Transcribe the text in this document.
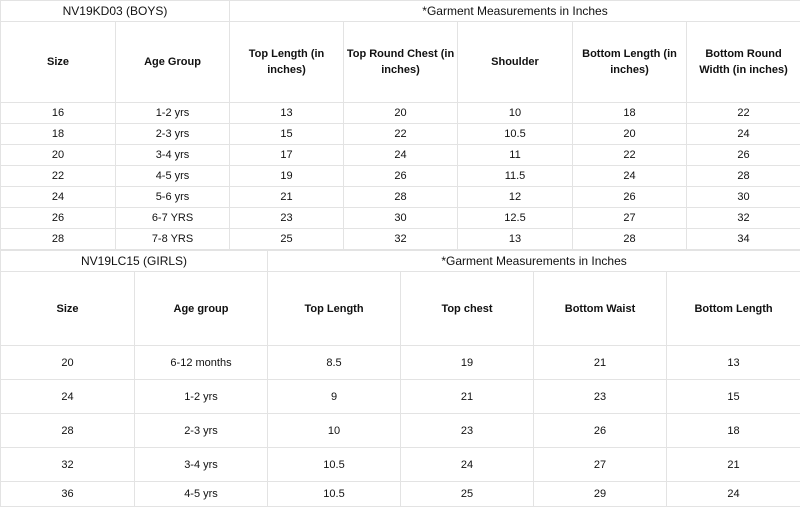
NV19KD03 (BOYS)		*Garment Measurements in Inches				
Size	Age Group	Top Length (in inches)	Top Round Chest (in inches)	Shoulder	Bottom Length (in inches)	Bottom Round Width (in inches)
16	1-2 yrs	13	20	10	18	22
18	2-3 yrs	15	22	10.5	20	24
20	3-4 yrs	17	24	11	22	26
22	4-5 yrs	19	26	11.5	24	28
24	5-6 yrs	21	28	12	26	30
26	6-7 YRS	23	30	12.5	27	32
28	7-8 YRS	25	32	13	28	34
NV19LC15 (GIRLS)		*Garment Measurements in Inches			
Size	Age group	Top Length	Top chest	Bottom Waist	Bottom Length
20	6-12 months	8.5	19	21	13
24	1-2 yrs	9	21	23	15
28	2-3 yrs	10	23	26	18
32	3-4 yrs	10.5	24	27	21
36	4-5 yrs	10.5	25	29	24
